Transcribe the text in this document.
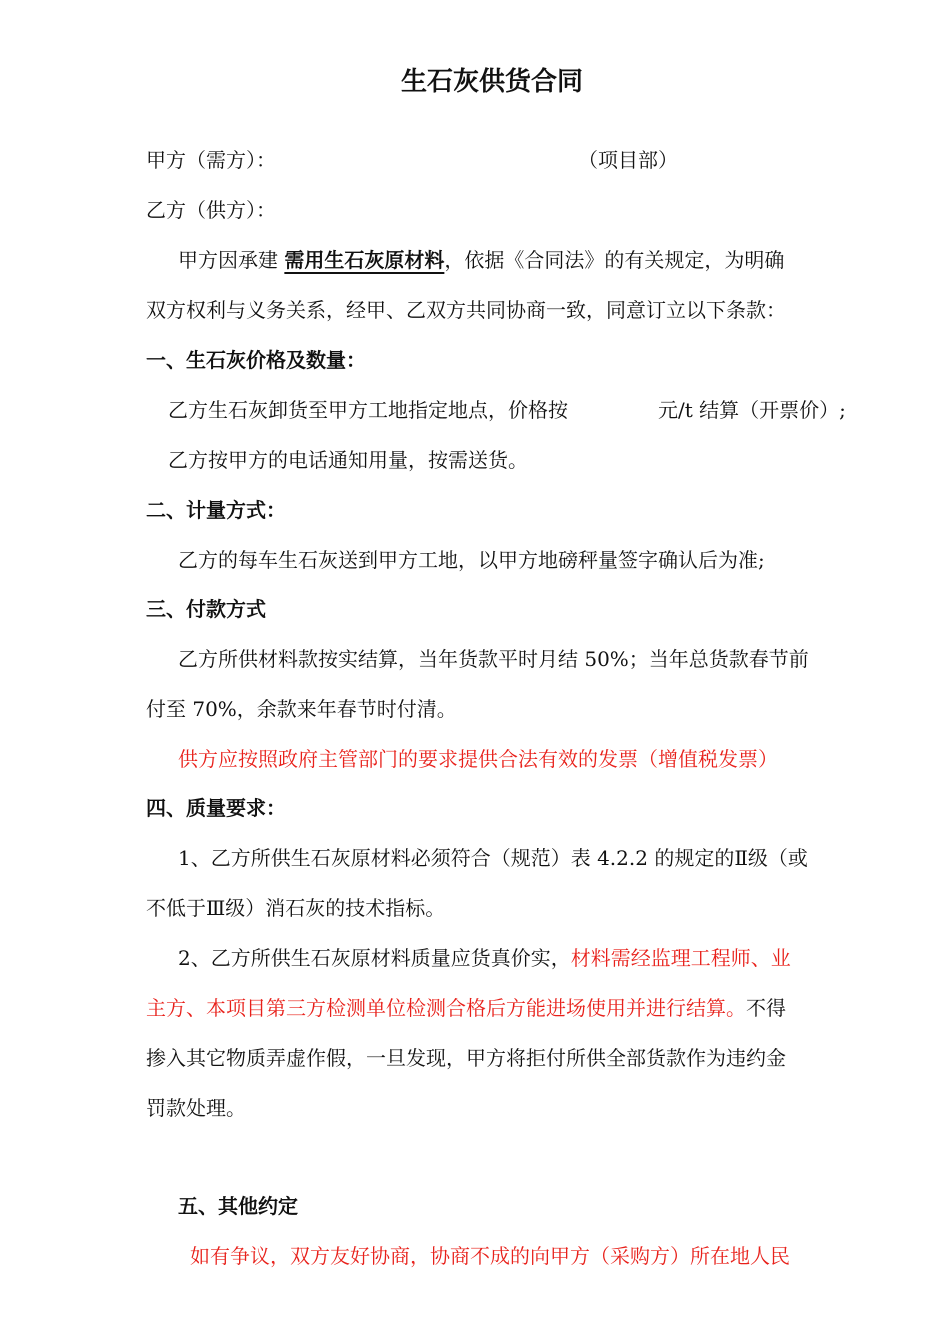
生石灰供货合同
甲方（需方）：	（项目部）
乙方（供方）：
甲方因承建 需用生石灰原材料，依据《合同法》的有关规定，为明确
双方权利与义务关系，经甲、乙双方共同协商一致，同意订立以下条款：
一、生石灰价格及数量：
乙方生石灰卸货至甲方工地指定地点，价格按	元/t 结算（开票价）;
乙方按甲方的电话通知用量，按需送货。
二、计量方式：
乙方的每车生石灰送到甲方工地，以甲方地磅秤量签字确认后为准;
三、付款方式
乙方所供材料款按实结算，当年货款平时月结 50%；当年总货款春节前
付至 70%，余款来年春节时付清。
供方应按照政府主管部门的要求提供合法有效的发票（增值税发票）
四、质量要求：
1、乙方所供生石灰原材料必须符合（规范）表 4.2.2 的规定的Ⅱ级（或
不低于Ⅲ级）消石灰的技术指标。
2、乙方所供生石灰原材料质量应货真价实，材料需经监理工程师、业
主方、本项目第三方检测单位检测合格后方能进场使用并进行结算。不得
掺入其它物质弄虚作假，一旦发现，甲方将拒付所供全部货款作为违约金
罚款处理。
五、其他约定
如有争议，双方友好协商，协商不成的向甲方（采购方）所在地人民
